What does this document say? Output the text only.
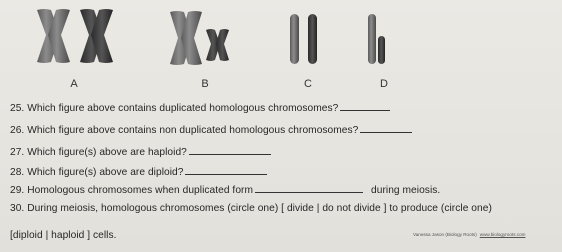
A	B	C	D
25. Which figure above contains duplicated homologous chromosomes?
26. Which figure above contains non duplicated homologous chromosomes?
27. Which figure(s) above are haploid?
28. Which figure(s) above are diploid?
29. Homologous chromosomes when duplicated form	during meiosis.
30. During meiosis, homologous chromosomes (circle one) [ divide | do not divide ] to produce (circle one)
[diploid | haploid ] cells.	Vanessa Jason (Biology Roots) www.biologyroots.com
